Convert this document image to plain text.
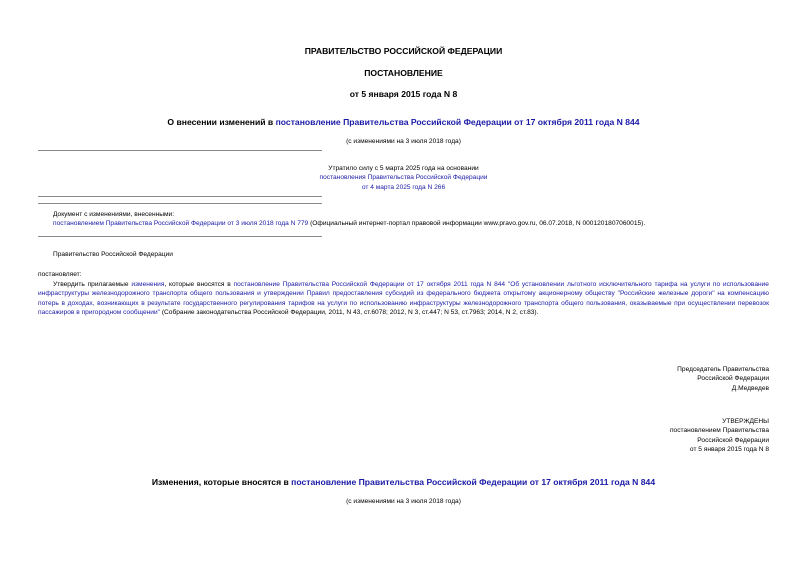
ПРАВИТЕЛЬСТВО РОССИЙСКОЙ ФЕДЕРАЦИИ
ПОСТАНОВЛЕНИЕ
от 5 января 2015 года N 8
О внесении изменений в постановление Правительства Российской Федерации от 17 октября 2011 года N 844
(с изменениями на 3 июля 2018 года)
Утратило силу с 5 марта 2025 года на основании
постановления Правительства Российской Федерации
от 4 марта 2025 года N 266
Документ с изменениями, внесенными:
постановлением Правительства Российской Федерации от 3 июля 2018 года N 779 (Официальный интернет-портал правовой информации www.pravo.gov.ru, 06.07.2018, N 0001201807060015).
Правительство Российской Федерации
постановляет:
Утвердить прилагаемые изменения, которые вносятся в постановление Правительства Российской Федерации от 17 октября 2011 года N 844 "Об установлении льготного исключительного тарифа на услуги по использование инфраструктуры железнодорожного транспорта общего пользования и утверждении Правил предоставления субсидий из федерального бюджета открытому акционерному обществу "Российские железные дороги" на компенсацию потерь в доходах, возникающих в результате государственного регулирования тарифов на услуги по использованию инфраструктуры железнодорожного транспорта общего пользования, оказываемые при осуществлении перевозок пассажиров в пригородном сообщении" (Собрание законодательства Российской Федерации, 2011, N 43, ст.6078; 2012, N 3, ст.447; N 53, ст.7963; 2014, N 2, ст.83).
Председатель Правительства
Российской Федерации
Д.Медведев
УТВЕРЖДЕНЫ
постановлением Правительства
Российской Федерации
от 5 января 2015 года N 8
Изменения, которые вносятся в постановление Правительства Российской Федерации от 17 октября 2011 года N 844
(с изменениями на 3 июля 2018 года)
